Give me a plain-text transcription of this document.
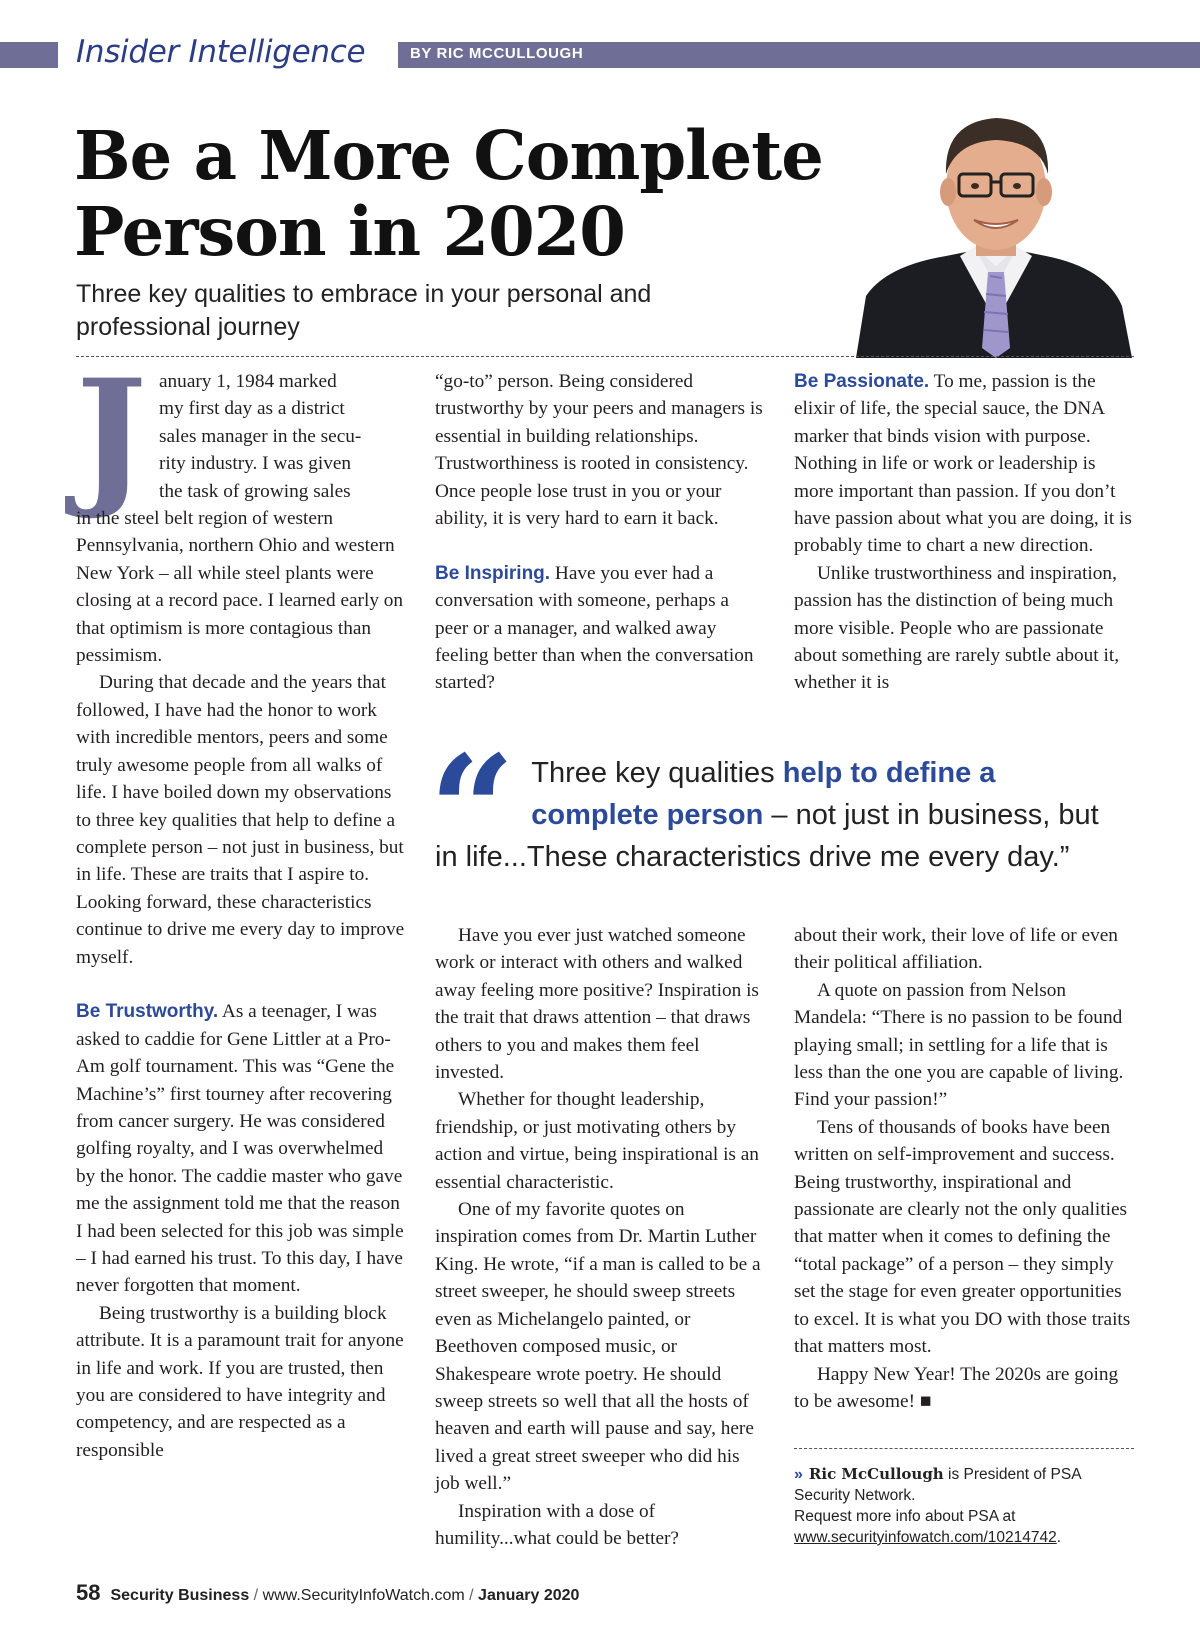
Insider Intelligence	BY RIC MCCULLOUGH
Be a More Complete
Person in 2020

Three key qualities to embrace in your personal and professional journey

J anuary 1, 1984 marked
my first day as a district
sales manager in the secu-
rity industry. I was given
the task of growing sales
in the steel belt region of western Pennsylvania, northern Ohio and western New York – all while steel plants were closing at a record pace. I learned early on that optimism is more contagious than pessimism.

During that decade and the years that followed, I have had the honor to work with incredible mentors, peers and some truly awesome people from all walks of life. I have boiled down my observations to three key qualities that help to define a complete person – not just in business, but in life. These are traits that I aspire to. Looking forward, these characteristics continue to drive me every day to improve myself.

Be Trustworthy. As a teenager, I was asked to caddie for Gene Littler at a Pro-Am golf tournament. This was “Gene the Machine’s” first tourney after recovering from cancer surgery. He was considered golfing royalty, and I was overwhelmed by the honor. The caddie master who gave me the assignment told me that the reason I had been selected for this job was simple – I had earned his trust. To this day, I have never forgotten that moment.

Being trustworthy is a building block attribute. It is a paramount trait for anyone in life and work. If you are trusted, then you are considered to have integrity and competency, and are respected as a responsible

“go-to” person. Being considered trustworthy by your peers and managers is essential in building relationships. Trustworthiness is rooted in consistency. Once people lose trust in you or your ability, it is very hard to earn it back.

Be Inspiring. Have you ever had a conversation with someone, perhaps a peer or a manager, and walked away feeling better than when the conversation started?

Be Passionate. To me, passion is the elixir of life, the special sauce, the DNA marker that binds vision with purpose. Nothing in life or work or leadership is more important than passion. If you don’t have passion about what you are doing, it is probably time to chart a new direction.

Unlike trustworthiness and inspiration, passion has the distinction of being much more visible. People who are passionate about something are rarely subtle about it, whether it is

“ Three key qualities help to define a complete person – not just in business, but in life...These characteristics drive me every day.”

Have you ever just watched someone work or interact with others and walked away feeling more positive? Inspiration is the trait that draws attention – that draws others to you and makes them feel invested.

Whether for thought leadership, friendship, or just motivating others by action and virtue, being inspirational is an essential characteristic.

One of my favorite quotes on inspiration comes from Dr. Martin Luther King. He wrote, “if a man is called to be a street sweeper, he should sweep streets even as Michelangelo painted, or Beethoven composed music, or Shakespeare wrote poetry. He should sweep streets so well that all the hosts of heaven and earth will pause and say, here lived a great street sweeper who did his job well.”

Inspiration with a dose of humility...what could be better?

about their work, their love of life or even their political affiliation.

A quote on passion from Nelson Mandela: “There is no passion to be found playing small; in settling for a life that is less than the one you are capable of living. Find your passion!”

Tens of thousands of books have been written on self-improvement and success. Being trustworthy, inspirational and passionate are clearly not the only qualities that matter when it comes to defining the “total package” of a person – they simply set the stage for even greater opportunities to excel. It is what you DO with those traits that matters most.

Happy New Year! The 2020s are going to be awesome! ■

» Ric McCullough is President of PSA Security Network.
Request more info about PSA at www.securityinfowatch.com/10214742.
58 Security Business / www.SecurityInfoWatch.com / January 2020
